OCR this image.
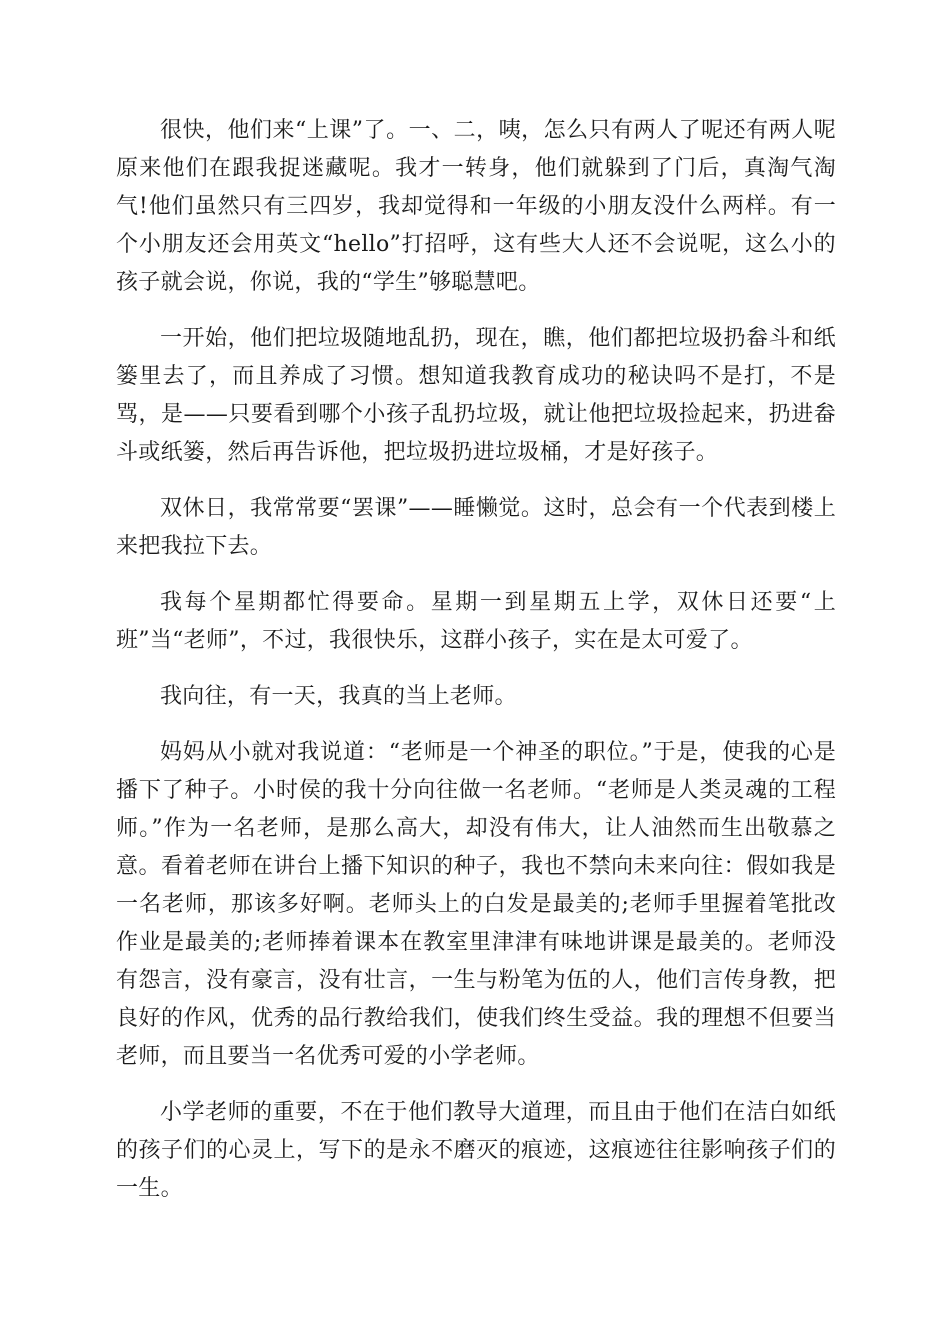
很快，他们来“上课”了。一、二，咦，怎么只有两人了呢还有两人呢原来他们在跟我捉迷藏呢。我才一转身，他们就躲到了门后，真淘气淘气!他们虽然只有三四岁，我却觉得和一年级的小朋友没什么两样。有一个小朋友还会用英文“hello”打招呼，这有些大人还不会说呢，这么小的孩子就会说，你说，我的“学生”够聪慧吧。

一开始，他们把垃圾随地乱扔，现在，瞧，他们都把垃圾扔畚斗和纸篓里去了，而且养成了习惯。想知道我教育成功的秘诀吗不是打，不是骂，是——只要看到哪个小孩子乱扔垃圾，就让他把垃圾捡起来，扔进畚斗或纸篓，然后再告诉他，把垃圾扔进垃圾桶，才是好孩子。

双休日，我常常要“罢课”——睡懒觉。这时，总会有一个代表到楼上来把我拉下去。

我每个星期都忙得要命。星期一到星期五上学，双休日还要“上班”当“老师”，不过，我很快乐，这群小孩子，实在是太可爱了。

我向往，有一天，我真的当上老师。

妈妈从小就对我说道：“老师是一个神圣的职位。”于是，使我的心是播下了种子。小时侯的我十分向往做一名老师。“老师是人类灵魂的工程师。”作为一名老师，是那么高大，却没有伟大，让人油然而生出敬慕之意。看着老师在讲台上播下知识的种子，我也不禁向未来向往：假如我是一名老师，那该多好啊。老师头上的白发是最美的;老师手里握着笔批改作业是最美的;老师捧着课本在教室里津津有味地讲课是最美的。老师没有怨言，没有豪言，没有壮言，一生与粉笔为伍的人，他们言传身教，把良好的作风，优秀的品行教给我们，使我们终生受益。我的理想不但要当老师，而且要当一名优秀可爱的小学老师。

小学老师的重要，不在于他们教导大道理，而且由于他们在洁白如纸的孩子们的心灵上，写下的是永不磨灭的痕迹，这痕迹往往影响孩子们的一生。
